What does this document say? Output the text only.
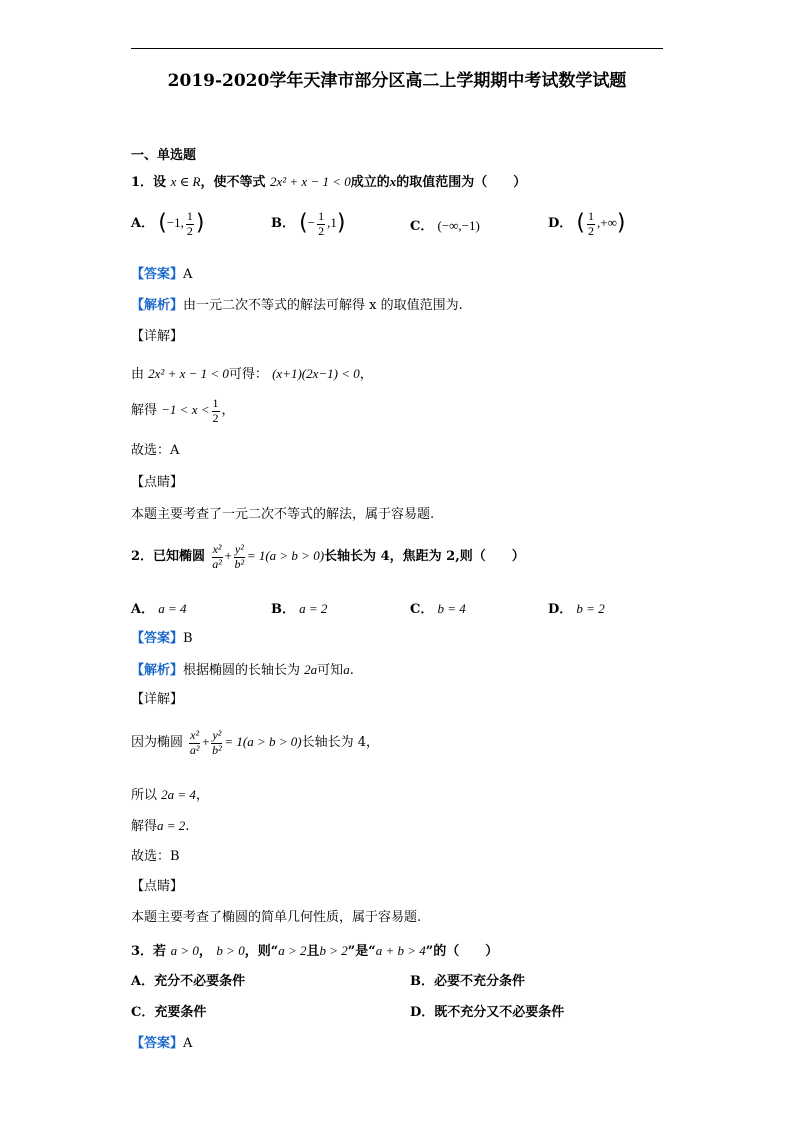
2019-2020学年天津市部分区高二上学期期中考试数学试题
一、单选题
1．设 x ∈ R，使不等式 2x² + x − 1 < 0成立的x的取值范围为（　　）
A． (−1, $\frac{1}{2}$ )	B． (− $\frac{1}{2} ,1$)	C． (−∞,−1)	D． ( $\frac{1}{2}$ ,+∞)
【答案】A
【解析】由一元二次不等式的解法可解得 x 的取值范围为.
【详解】
由 2x² + x − 1 < 0可得： (x+1)(2x−1) < 0，
解得 $-1 < x < \frac{1}{2}$ ，
故选：A
【点睛】
本题主要考查了一元二次不等式的解法，属于容易题.
2．已知椭圆 $\frac{\text{x²}}{\text{a²}} + \frac{\text{y²}}{\text{b²}} = 1(a > b > 0)$长轴长为 4，焦距为 2,则（　　）
A． a = 4	B． a = 2	C． b = 4	D． b = 2
【答案】B
【解析】根据椭圆的长轴长为 2a可知a.
【详解】
因为椭圆 $\frac{\text{x²}}{\text{a²}} + \frac{\text{y²}}{\text{b²}} = 1(a > b > 0)$长轴长为 4，
所以 2a = 4，
解得a = 2.
故选：B
【点睛】
本题主要考查了椭圆的简单几何性质，属于容易题.
3．若 a > 0， b > 0，则“a > 2且b > 2”是“a + b > 4”的（　　）
A．充分不必要条件	B．必要不充分条件
C．充要条件	D．既不充分又不必要条件
【答案】A
